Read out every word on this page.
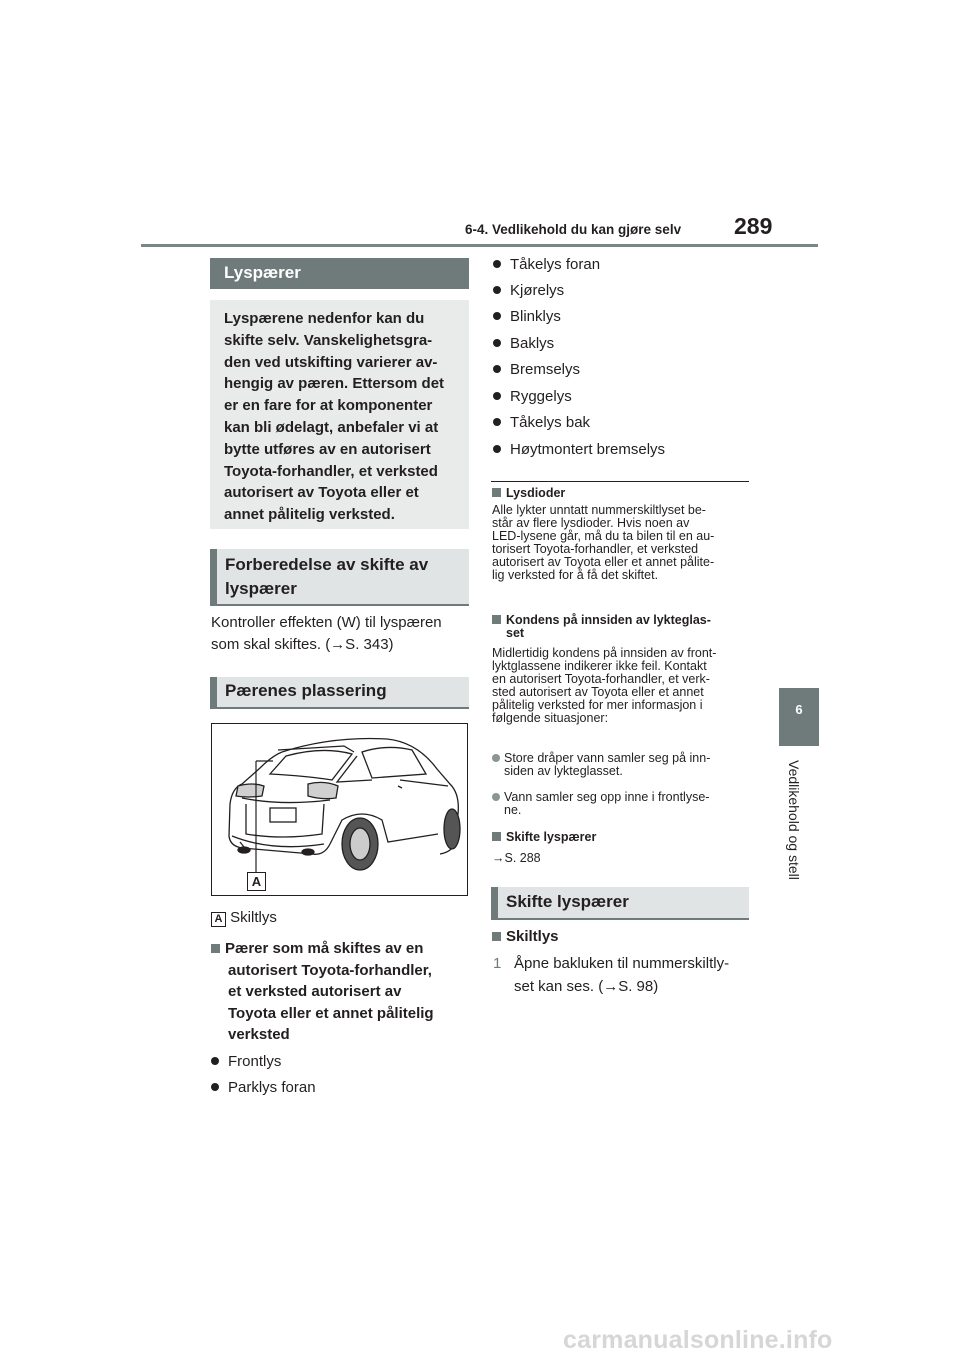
6-4. Vedlikehold du kan gjøre selv 289
6
Vedlikehold og stell
Lyspærer
Lyspærene nedenfor kan du
skifte selv. Vanskelighetsgra-
den ved utskifting varierer av-
hengig av pæren. Ettersom det
er en fare for at komponenter
kan bli ødelagt, anbefaler vi at
bytte utføres av en autorisert
Toyota-forhandler, et verksted
autorisert av Toyota eller et
annet pålitelig verksted.
Forberedelse av skifte av
lyspærer
Kontroller effekten (W) til lyspæren
som skal skiftes. (→S. 343)
Pærenes plassering
A
A Skiltlys
Pærer som må skiftes av en
autorisert Toyota-forhandler,
et verksted autorisert av
Toyota eller et annet pålitelig
verksted
Frontlys
Parklys foran
Tåkelys foran
Kjørelys
Blinklys
Baklys
Bremselys
Ryggelys
Tåkelys bak
Høytmontert bremselys
Lysdioder
Alle lykter unntatt nummerskiltlyset be-
står av flere lysdioder. Hvis noen av
LED-lysene går, må du ta bilen til en au-
torisert Toyota-forhandler, et verksted
autorisert av Toyota eller et annet pålite-
lig verksted for å få det skiftet.
Kondens på innsiden av lykteglas-
set
Midlertidig kondens på innsiden av front-
lyktglassene indikerer ikke feil. Kontakt
en autorisert Toyota-forhandler, et verk-
sted autorisert av Toyota eller et annet
pålitelig verksted for mer informasjon i
følgende situasjoner:
Store dråper vann samler seg på inn-
siden av lykteglasset.
Vann samler seg opp inne i frontlyse-
ne.
Skifte lyspærer
→S. 288
Skifte lyspærer
Skiltlys
1 Åpne bakluken til nummerskiltly-
set kan ses. (→S. 98)
carmanualsonline.info
